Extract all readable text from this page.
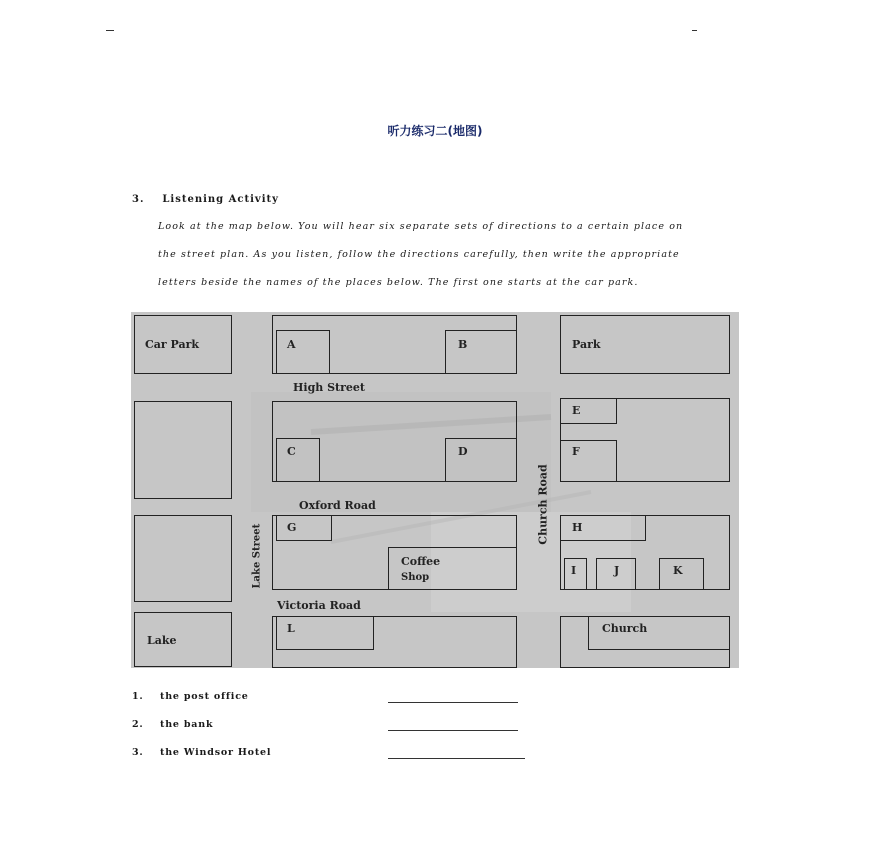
听力练习二(地图)
3. Listening Activity
Look at the map below. You will hear six separate sets of directions to a certain place on
the street plan. As you listen, follow the directions carefully, then write the appropriate
letters beside the names of the places below. The first one starts at the car park.
Car Park	Park
Lake
Church
Coffee
Shop
A	B
C	D
E
F
G	H
I	J	K
L
High Street
Oxford Road
Victoria Road
Lake Street
Church Road
1. the post office
2. the bank
3. the Windsor Hotel
